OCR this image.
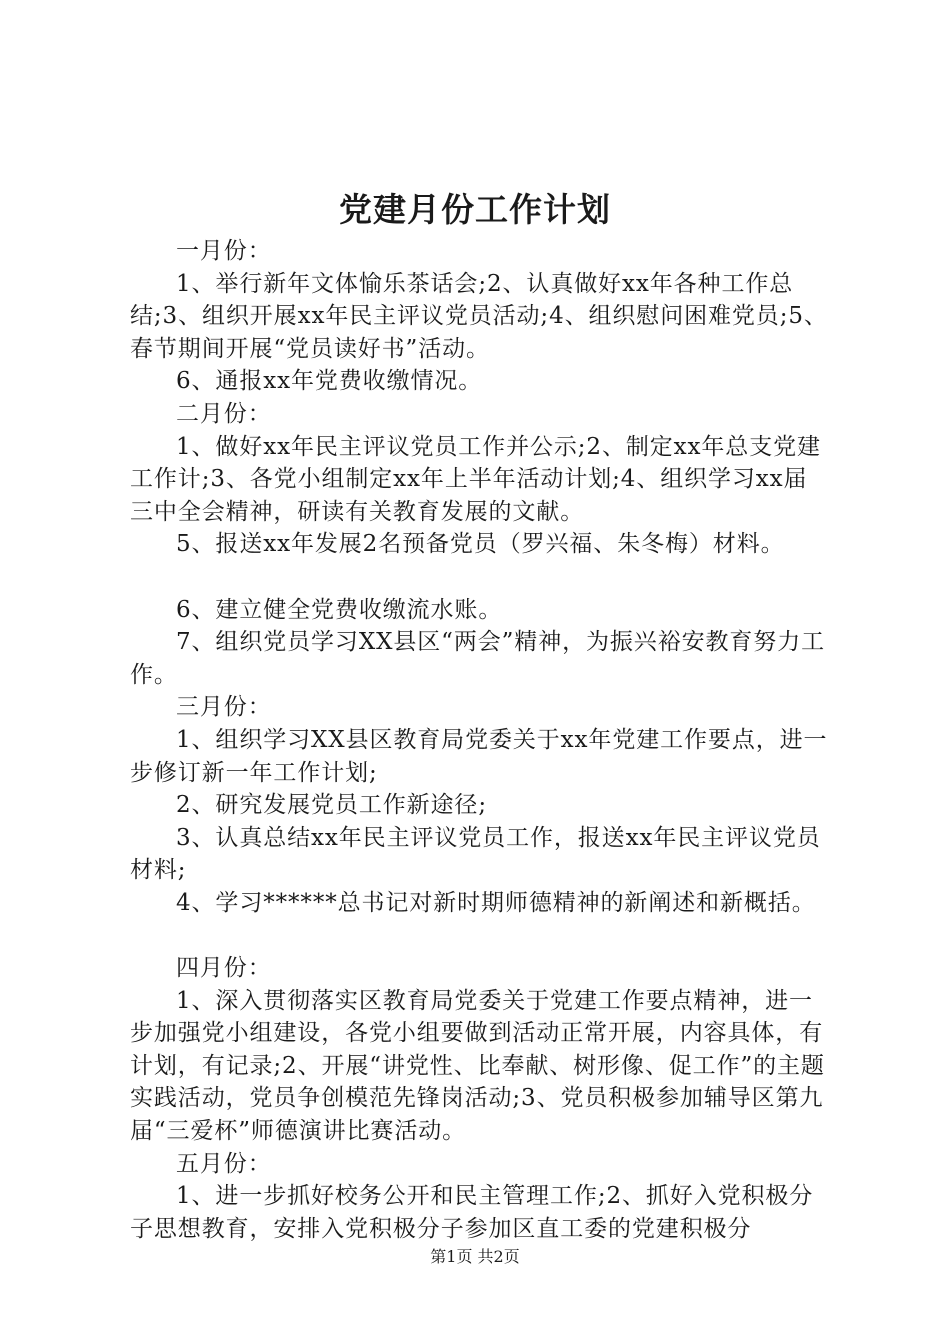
党建月份工作计划

一月份：

1、举行新年文体愉乐茶话会;2、认真做好xx年各种工作总结;3、组织开展xx年民主评议党员活动;4、组织慰问困难党员;5、春节期间开展“党员读好书”活动。

6、通报xx年党费收缴情况。

二月份：

1、做好xx年民主评议党员工作并公示;2、制定xx年总支党建工作计;3、各党小组制定xx年上半年活动计划;4、组织学习xx届三中全会精神，研读有关教育发展的文献。

5、报送xx年发展2名预备党员（罗兴福、朱冬梅）材料。

6、建立健全党费收缴流水账。

7、组织党员学习XX县区“两会”精神，为振兴裕安教育努力工作。

三月份：

1、组织学习XX县区教育局党委关于xx年党建工作要点，进一步修订新一年工作计划;

2、研究发展党员工作新途径;

3、认真总结xx年民主评议党员工作，报送xx年民主评议党员材料;

4、学习******总书记对新时期师德精神的新阐述和新概括。

四月份：

1、深入贯彻落实区教育局党委关于党建工作要点精神，进一步加强党小组建设，各党小组要做到活动正常开展，内容具体，有计划，有记录;2、开展“讲党性、比奉献、树形像、促工作”的主题实践活动，党员争创模范先锋岗活动;3、党员积极参加辅导区第九届“三爱杯”师德演讲比赛活动。

五月份：

1、进一步抓好校务公开和民主管理工作;2、抓好入党积极分子思想教育，安排入党积极分子参加区直工委的党建积极分

第1页 共2页
